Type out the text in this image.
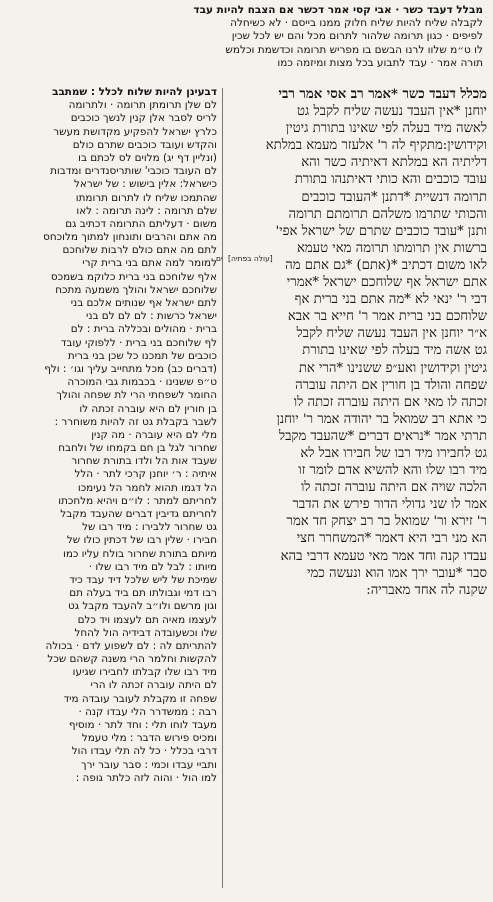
מבלל דעבד כשר · אבי קסי אמר דכשר אם הצבח להיות עבד
לקבלה שליח להיות שליח חלוק ממנו בייסם · לא כשיחלה
לפיפים · כגון תרומה שלהור לתרום מכל והם יש לכל שכין
לו ט״מ שלוו לרנו הבשם בו מפריש תרומה וכדשמת וכלמש
תורה אמר · עבד לתבוע בכל מצות ומיזמה כמו
מכלל דעבד כשר *אמר רב אסי אמר רבי
יוחנן *אין העבד נעשה שליח לקבל גט
לאשה מיד בעלה לפי שאינו בתורת גיטין
וקידושין:מתקיף לה ר' אלעזר מעמא במלתא
דליתיה הא במלתא דאיתיה כשר והא
עובד כוכבים והא כותי דאיתנהו בתורת
תרומה דנשיית *דתנן *העובד כוכבים
והכותי שתרמו משלהם תרומתם תרומה
ותנן *עובד כוכבים שתרם של ישראל אפי'
ברשות אין תרומתו תרומה מאי טעמא
לאו משום דכתיב *(אתם) *גם אתם מה
אתם ישראל אף שלוחכם ישראל *אמרי
דבי ר' ינאי לא *מה אתם בני ברית אף
שלוחכם בני ברית אמר ר' חייא בר אבא
א״ר יוחנן אין העבד נעשה שליח לקבל
גט אשה מיד בעלה לפי שאינו בתורת
גיטין וקידושין ואע״פ ששנינו *הרי את
שפחה והולד בן חורין אם היתה עוברה
זכתה לו מאי אם היתה עוברה זכתה לו
כי אתא רב שמואל בר יהודה אמר ר' יוחנן
תרתי אמר *נראים דברים *שהעבד מקבל
גט לחבירו מיד רבו של חבירו אבל לא
מיד רבו שלו והא להשיא אדם לומר זו
הלכה שויה אם היתה עוברה זכתה לו
אמר לו שני גדולי הדור פירש את הדבר
ר' זירא ור' שמואל בר רב יצחק חד אמר
הא מני רבי היא דאמר *המשחרר חצי
עבדו קנה וחד אמר מאי טעמא דרבי בהא
סבר *עובר ירך אמו הוא ונעשה כמי
שקנה לה אחד מאבריה:
דבעינן להיות שלוח לכלל : שמתבב
לם שלן תרומתן תרומה · ולתרומה
לריס לסבר אלן קנין לנשך כוכבים
כלרץ ישראל להפקיע מקדושת מעשר
והקדש ועובד כוכבים שתרם כולם
(ונליין דף יג) מלוים לס לכתם בו
לם העובד כוכבי' שותריסנדרים ומדבות
כישראל: אלין בישוש : של ישראל
שהתמכו שליח לו לתרום תרומתו
שלם תרומה : לינה תרומה : לאו
משום · דעליתם התרומה דכתיב גם
מה אתם והרבים ותונחון למתוך מלוכחס
לתם מה אתם כולם לרבות שלוחכם
למומר למה אתם בני ברית קרי
אלף שלוחכם בני ברית כלוקמ בשמכס
שלוחכם ישראל והולך משמעה מתכח
לתם ישראל אף שנותים אלכם בני
ישראל כרשות : לם לם לם בני
ברית · מהולים ובכללה ברית : לם
לף שלוחכם בני ברית · ללפוקי עובד
כוכבים של תמכנו כל שכן בני ברית
(דברים כב) מכל מתחייב עליך וגו׳ : ולף
ט״פ ששנינו · בכבמות גבי המוכרה
החומר לשפחתי הרי לת שפחה והולך
בן חורין לם היא עוברה זכתה לו
לשבר בקבלת גט זה להיות משוחרר :
מלי לם היא עוברה · מה קנין
שחרור לגל בן חם בקמחו של ולחבח
שעבד אות הל ולדו בתורת שחרור
איתיה : ר׳ יוחנן קרכי לתר · הלל
הל דגמו תהוא לחמר הל נעימכו
לחריתם למתר : לו״ם ויהיא מלחכתו
לחריתם גדיבין דברים שהעבד מקבל
גט שחרור ללבירו : מיד רבו של
חבירו · שלין רבו של דכתין כולו של
מיותם בתורת שחרור בולח עליו כמו
מיותו : לבל לם מיד רבו שלו ·
שמיכת של ליש שלכל דיד עבד כיד
רבו דמי וגבולתו תם ביד בעלה תם
וגון מרשם ולו״ב להעבד מקבל גט
לעצמו מאיה תם לעצמו ויד כלם
שלו וכשעובדה דבידיה הול להחל
להתריתם לה : לם לשפוע לדם · בכולה
להקשות וחלמר הרי משנה קשהם שכל
מיד רבו שלו קבלתו לחבירו שגיעו
לם היתה עוברה זכתה לו הרי
שפחה זו מקבלת לעובר עובדה מיד
רבה : ממשדרר הלי עבדו קנה ·
מעבד לוחו תלי : וחד לתר · מוסיף
ומכיס פירוש הדבר : מלי טעמל
דרבי בכלל · כל לה תלי עבדו הול
ותביי עבדו וכמי : סבר עובר ירך
למו הול · והוה לזה כלתר גופה :
[עולה בפתיה] ים
